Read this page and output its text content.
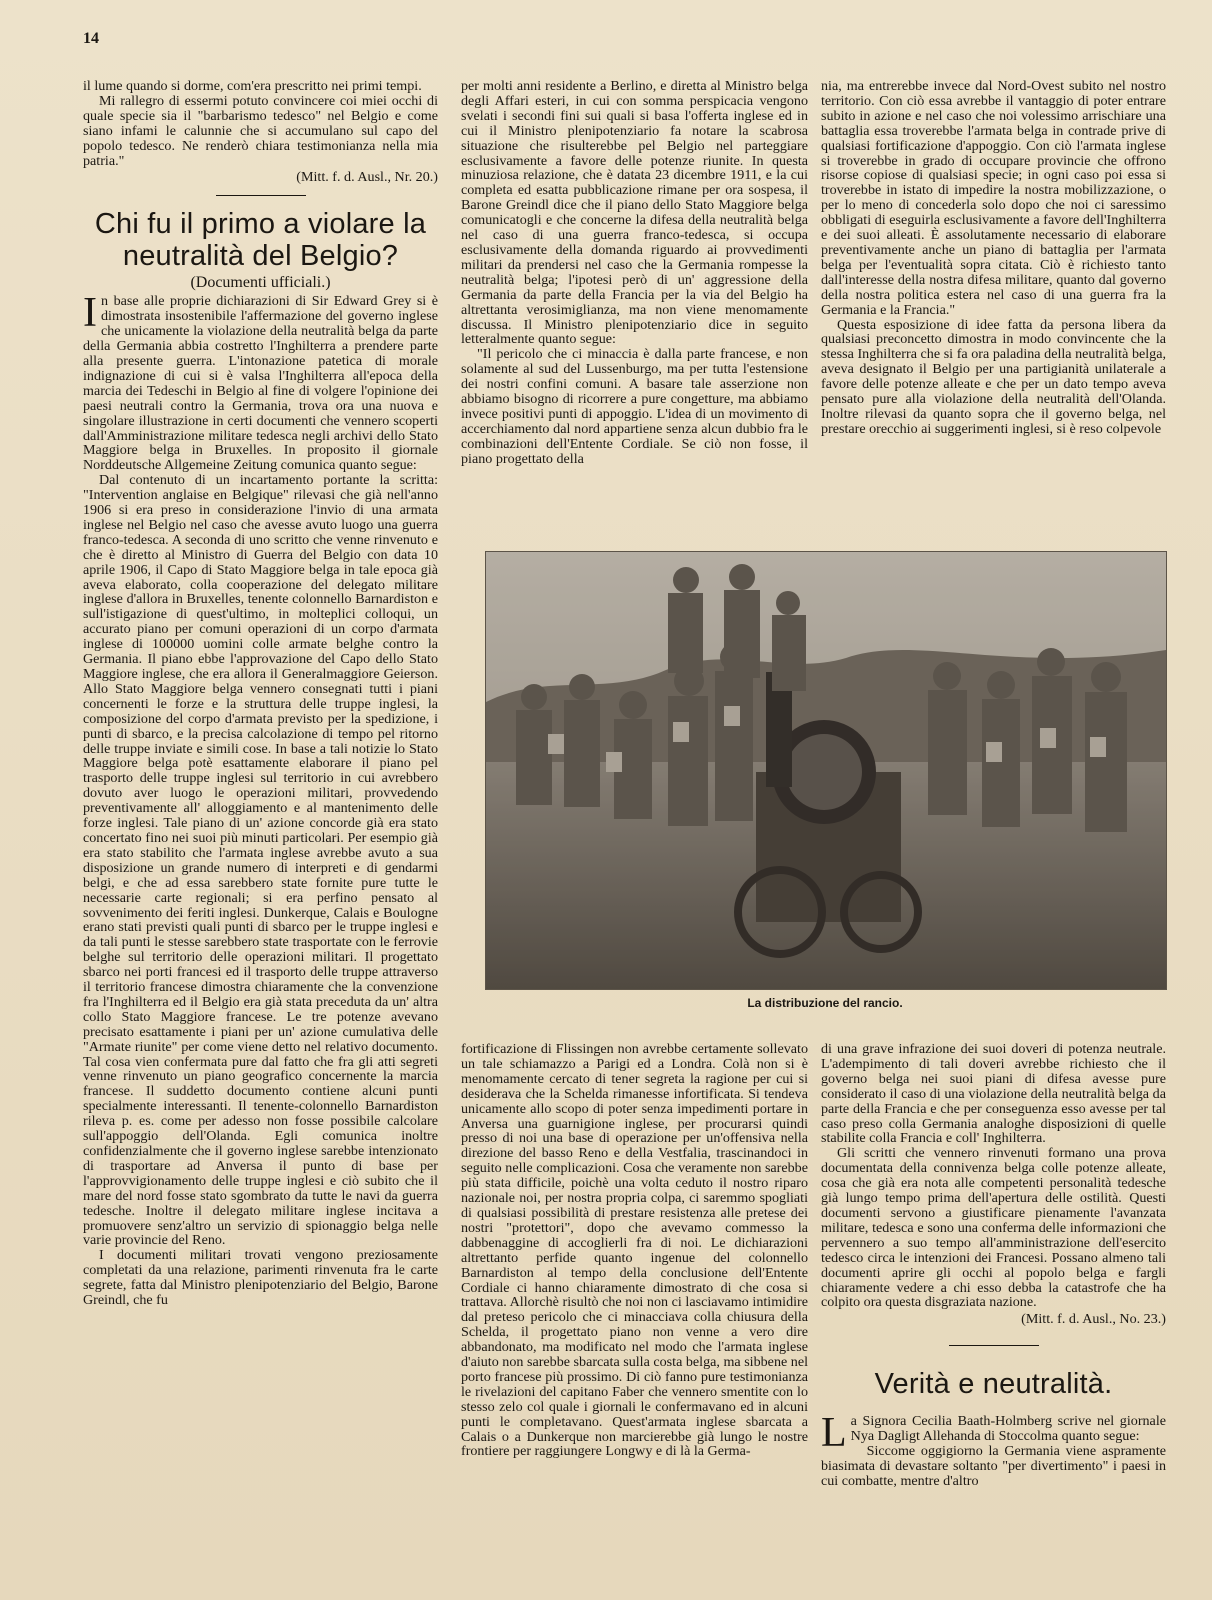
14

il lume quando si dorme, com'era prescritto nei primi tempi.

Mi rallegro di essermi potuto convincere coi miei occhi di quale specie sia il "barbarismo tedesco" nel Belgio e come siano infami le calunnie che si accumulano sul capo del popolo tedesco. Ne renderò chiara testimonianza nella mia patria."

(Mitt. f. d. Ausl., Nr. 20.)

Chi fu il primo a violare la
neutralità del Belgio?
(Documenti ufficiali.)

In base alle proprie dichiarazioni di Sir Edward Grey si è dimostrata insostenibile l'affermazione del governo inglese che unicamente la violazione della neutralità belga da parte della Germania abbia costretto l'Inghilterra a prendere parte alla presente guerra. L'intonazione patetica di morale indignazione di cui si è valsa l'Inghilterra all'epoca della marcia dei Tedeschi in Belgio al fine di volgere l'opinione dei paesi neutrali contro la Germania, trova ora una nuova e singolare illustrazione in certi documenti che vennero scoperti dall'Amministrazione militare tedesca negli archivi dello Stato Maggiore belga in Bruxelles. In proposito il giornale Norddeutsche Allgemeine Zeitung comunica quanto segue:

Dal contenuto di un incartamento portante la scritta: "Intervention anglaise en Belgique" rilevasi che già nell'anno 1906 si era preso in considerazione l'invio di una armata inglese nel Belgio nel caso che avesse avuto luogo una guerra franco-tedesca. A seconda di uno scritto che venne rinvenuto e che è diretto al Ministro di Guerra del Belgio con data 10 aprile 1906, il Capo di Stato Maggiore belga in tale epoca già aveva elaborato, colla cooperazione del delegato militare inglese d'allora in Bruxelles, tenente colonnello Barnardiston e sull'istigazione di quest'ultimo, in molteplici colloqui, un accurato piano per comuni operazioni di un corpo d'armata inglese di 100000 uomini colle armate belghe contro la Germania. Il piano ebbe l'approvazione del Capo dello Stato Maggiore inglese, che era allora il Generalmaggiore Geierson. Allo Stato Maggiore belga vennero consegnati tutti i piani concernenti le forze e la struttura delle truppe inglesi, la composizione del corpo d'armata previsto per la spedizione, i punti di sbarco, e la precisa calcolazione di tempo pel ritorno delle truppe inviate e simili cose. In base a tali notizie lo Stato Maggiore belga potè esattamente elaborare il piano pel trasporto delle truppe inglesi sul territorio in cui avrebbero dovuto aver luogo le operazioni militari, provvedendo preventivamente all' alloggiamento e al mantenimento delle forze inglesi. Tale piano di un' azione concorde già era stato concertato fino nei suoi più minuti particolari. Per esempio già era stato stabilito che l'armata inglese avrebbe avuto a sua disposizione un grande numero di interpreti e di gendarmi belgi, e che ad essa sarebbero state fornite pure tutte le necessarie carte regionali; si era perfino pensato al sovvenimento dei feriti inglesi. Dunkerque, Calais e Boulogne erano stati previsti quali punti di sbarco per le truppe inglesi e da tali punti le stesse sarebbero state trasportate con le ferrovie belghe sul territorio delle operazioni militari. Il progettato sbarco nei porti francesi ed il trasporto delle truppe attraverso il territorio francese dimostra chiaramente che la convenzione fra l'Inghilterra ed il Belgio era già stata preceduta da un' altra collo Stato Maggiore francese. Le tre potenze avevano precisato esattamente i piani per un' azione cumulativa delle "Armate riunite" per come viene detto nel relativo documento. Tal cosa vien confermata pure dal fatto che fra gli atti segreti venne rinvenuto un piano geografico concernente la marcia francese. Il suddetto documento contiene alcuni punti specialmente interessanti. Il tenente-colonnello Barnardiston rileva p. es. come per adesso non fosse possibile calcolare sull'appoggio dell'Olanda. Egli comunica inoltre confidenzialmente che il governo inglese sarebbe intenzionato di trasportare ad Anversa il punto di base per l'approvvigionamento delle truppe inglesi e ciò subito che il mare del nord fosse stato sgombrato da tutte le navi da guerra tedesche. Inoltre il delegato militare inglese incitava a promuovere senz'altro un servizio di spionaggio belga nelle varie provincie del Reno.

I documenti militari trovati vengono preziosamente completati da una relazione, parimenti rinvenuta fra le carte segrete, fatta dal Ministro plenipotenziario del Belgio, Barone Greindl, che fu

per molti anni residente a Berlino, e diretta al Ministro belga degli Affari esteri, in cui con somma perspicacia vengono svelati i secondi fini sui quali si basa l'offerta inglese ed in cui il Ministro plenipotenziario fa notare la scabrosa situazione che risulterebbe pel Belgio nel parteggiare esclusivamente a favore delle potenze riunite. In questa minuziosa relazione, che è datata 23 dicembre 1911, e la cui completa ed esatta pubblicazione rimane per ora sospesa, il Barone Greindl dice che il piano dello Stato Maggiore belga comunicatogli e che concerne la difesa della neutralità belga nel caso di una guerra franco-tedesca, si occupa esclusivamente della domanda riguardo ai provvedimenti militari da prendersi nel caso che la Germania rompesse la neutralità belga; l'ipotesi però di un' aggressione della Germania da parte della Francia per la via del Belgio ha altrettanta verosimiglianza, ma non viene menomamente discussa. Il Ministro plenipotenziario dice in seguito letteralmente quanto segue:

"Il pericolo che ci minaccia è dalla parte francese, e non solamente al sud del Lussenburgo, ma per tutta l'estensione dei nostri confini comuni. A basare tale asserzione non abbiamo bisogno di ricorrere a pure congetture, ma abbiamo invece positivi punti di appoggio. L'idea di un movimento di accerchiamento dal nord appartiene senza alcun dubbio fra le combinazioni dell'Entente Cordiale. Se ciò non fosse, il piano progettato della

nia, ma entrerebbe invece dal Nord-Ovest subito nel nostro territorio. Con ciò essa avrebbe il vantaggio di poter entrare subito in azione e nel caso che noi volessimo arrischiare una battaglia essa troverebbe l'armata belga in contrade prive di qualsiasi fortificazione d'appoggio. Con ciò l'armata inglese si troverebbe in grado di occupare provincie che offrono risorse copiose di qualsiasi specie; in ogni caso poi essa si troverebbe in istato di impedire la nostra mobilizzazione, o per lo meno di concederla solo dopo che noi ci saressimo obbligati di eseguirla esclusivamente a favore dell'Inghilterra e dei suoi alleati. È assolutamente necessario di elaborare preventivamente anche un piano di battaglia per l'armata belga per l'eventualità sopra citata. Ciò è richiesto tanto dall'interesse della nostra difesa militare, quanto dal governo della nostra politica estera nel caso di una guerra fra la Germania e la Francia."

Questa esposizione di idee fatta da persona libera da qualsiasi preconcetto dimostra in modo convincente che la stessa Inghilterra che si fa ora paladina della neutralità belga, aveva designato il Belgio per una partigianità unilaterale a favore delle potenze alleate e che per un dato tempo aveva pensato pure alla violazione della neutralità dell'Olanda. Inoltre rilevasi da quanto sopra che il governo belga, nel prestare orecchio ai suggerimenti inglesi, si è reso colpevole

La distribuzione del rancio.

fortificazione di Flissingen non avrebbe certamente sollevato un tale schiamazzo a Parigi ed a Londra. Colà non si è menomamente cercato di tener segreta la ragione per cui si desiderava che la Schelda rimanesse infortificata. Si tendeva unicamente allo scopo di poter senza impedimenti portare in Anversa una guarnigione inglese, per procurarsi quindi presso di noi una base di operazione per un'offensiva nella direzione del basso Reno e della Vestfalia, trascinandoci in seguito nelle complicazioni. Cosa che veramente non sarebbe più stata difficile, poichè una volta ceduto il nostro riparo nazionale noi, per nostra propria colpa, ci saremmo spogliati di qualsiasi possibilità di prestare resistenza alle pretese dei nostri "protettori", dopo che avevamo commesso la dabbenaggine di accoglierli fra di noi. Le dichiarazioni altrettanto perfide quanto ingenue del colonnello Barnardiston al tempo della conclusione dell'Entente Cordiale ci hanno chiaramente dimostrato di che cosa si trattava. Allorchè risultò che noi non ci lasciavamo intimidire dal preteso pericolo che ci minacciava colla chiusura della Schelda, il progettato piano non venne a vero dire abbandonato, ma modificato nel modo che l'armata inglese d'aiuto non sarebbe sbarcata sulla costa belga, ma sibbene nel porto francese più prossimo. Di ciò fanno pure testimonianza le rivelazioni del capitano Faber che vennero smentite con lo stesso zelo col quale i giornali le confermavano ed in alcuni punti le completavano. Quest'armata inglese sbarcata a Calais o a Dunkerque non marcierebbe già lungo le nostre frontiere per raggiungere Longwy e di là la Germa-

di una grave infrazione dei suoi doveri di potenza neutrale. L'adempimento di tali doveri avrebbe richiesto che il governo belga nei suoi piani di difesa avesse pure considerato il caso di una violazione della neutralità belga da parte della Francia e che per conseguenza esso avesse per tal caso preso colla Germania analoghe disposizioni di quelle stabilite colla Francia e coll' Inghilterra.

Gli scritti che vennero rinvenuti formano una prova documentata della connivenza belga colle potenze alleate, cosa che già era nota alle competenti personalità tedesche già lungo tempo prima dell'apertura delle ostilità. Questi documenti servono a giustificare pienamente l'avanzata militare, tedesca e sono una conferma delle informazioni che pervennero a suo tempo all'amministrazione dell'esercito tedesco circa le intenzioni dei Francesi. Possano almeno tali documenti aprire gli occhi al popolo belga e fargli chiaramente vedere a chi esso debba la catastrofe che ha colpito ora questa disgraziata nazione.

(Mitt. f. d. Ausl., No. 23.)

Verità e neutralità.

La Signora Cecilia Baath-Holmberg scrive nel giornale Nya Dagligt Allehanda di Stoccolma quanto segue:

Siccome oggigiorno la Germania viene aspramente biasimata di devastare soltanto "per divertimento" i paesi in cui combatte, mentre d'altro
